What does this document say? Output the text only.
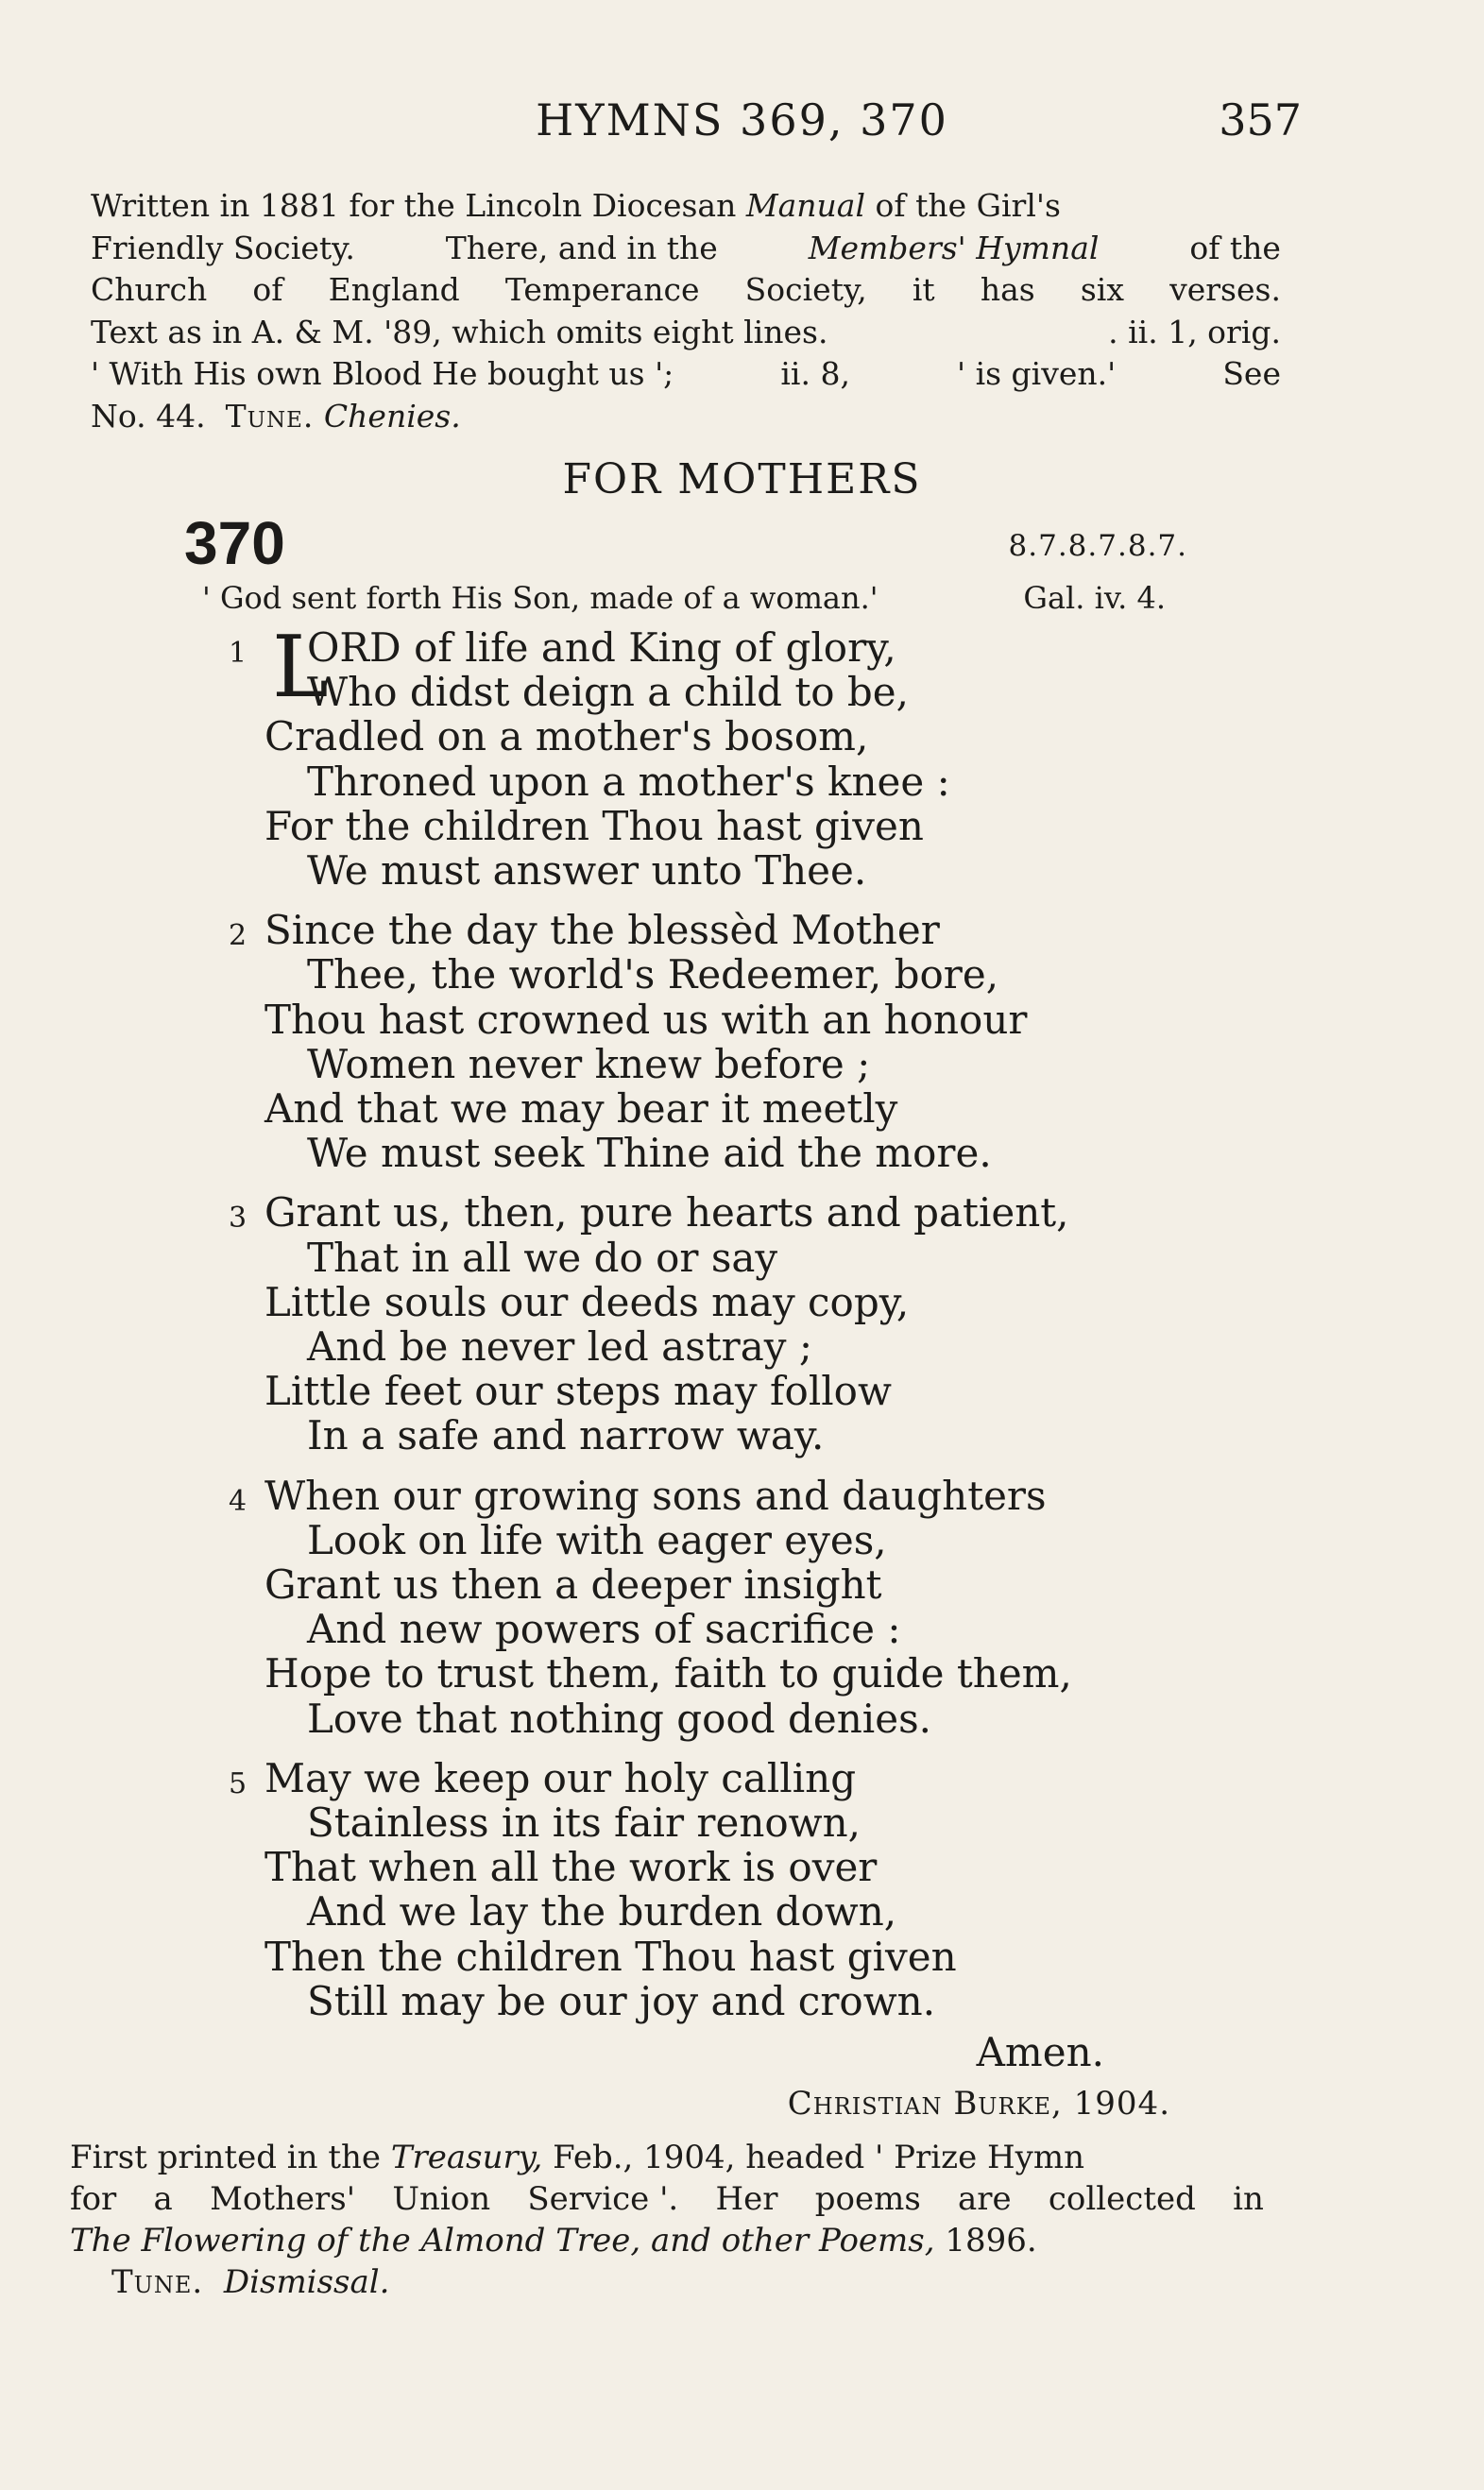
HYMNS 369, 370	357

Written in 1881 for the Lincoln Diocesan Manual of the Girl's

Friendly Society.	There, and in the	Members' Hymnal	of the
Church of England Temperance Society, it has six verses.
Text as in A. & M. '89, which omits eight lines.	. ii. 1, orig.
' With His own Blood He bought us ';	ii. 8,	' is given.'	See

No. 44. Tune. Chenies.

FOR MOTHERS
370	8.7.8.7.8.7.
' God sent forth His Son, made of a woman.'	Gal. iv. 4.
1 L
ORD of life and King of glory,
Who didst deign a child to be,
Cradled on a mother's bosom,
Throned upon a mother's knee :
For the children Thou hast given
We must answer unto Thee.
2 Since the day the blessèd Mother
Thee, the world's Redeemer, bore,
Thou hast crowned us with an honour
Women never knew before ;
And that we may bear it meetly
We must seek Thine aid the more.
3 Grant us, then, pure hearts and patient,
That in all we do or say
Little souls our deeds may copy,
And be never led astray ;
Little feet our steps may follow
In a safe and narrow way.
4 When our growing sons and daughters
Look on life with eager eyes,
Grant us then a deeper insight
And new powers of sacrifice :
Hope to trust them, faith to guide them,
Love that nothing good denies.
5 May we keep our holy calling
Stainless in its fair renown,
That when all the work is over
And we lay the burden down,
Then the children Thou hast given
Still may be our joy and crown.
Amen.
Christian Burke, 1904.

First printed in the Treasury, Feb., 1904, headed ' Prize Hymn

for a Mothers' Union Service '. Her poems are collected in

The Flowering of the Almond Tree, and other Poems, 1896.

Tune. Dismissal.
